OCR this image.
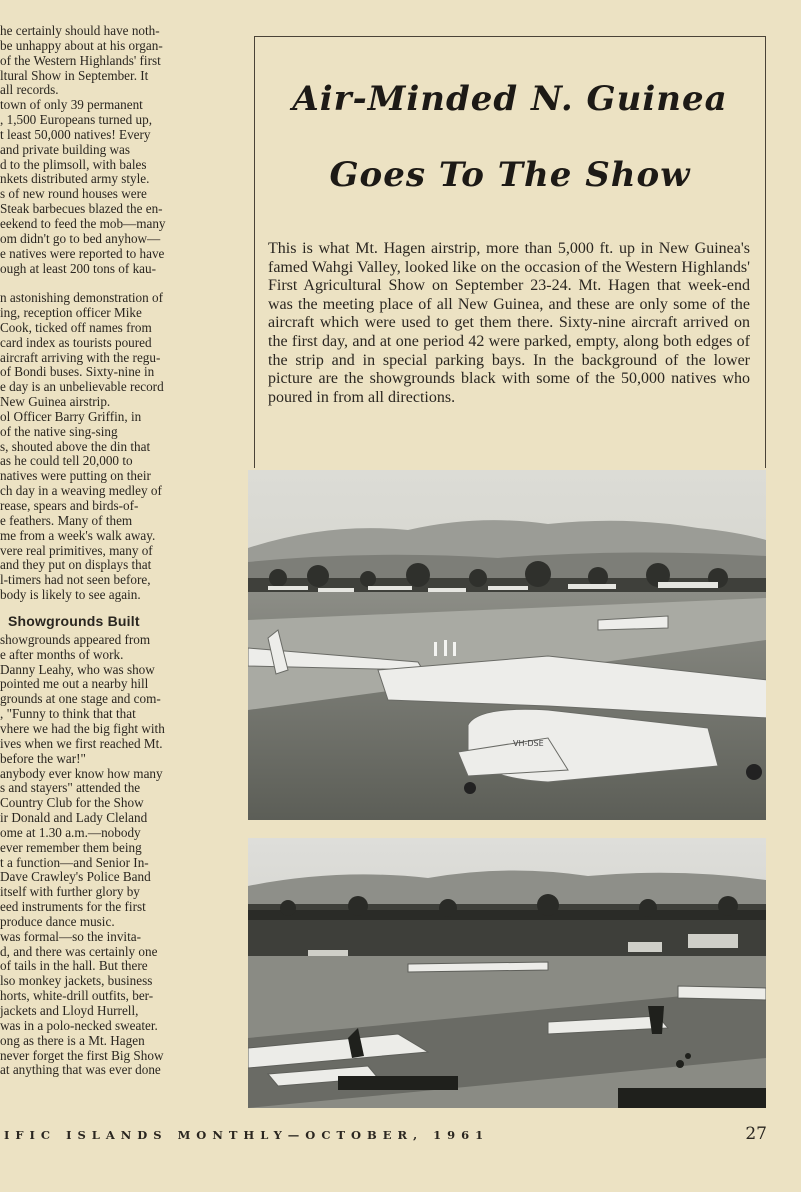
he certainly should have noth-

be unhappy about at his organ-

of the Western Highlands' first

ltural Show in September. It

all records.

town of only 39 permanent

, 1,500 Europeans turned up,

t least 50,000 natives! Every

and private building was

d to the plimsoll, with bales

nkets distributed army style.

s of new round houses were

Steak barbecues blazed the en-

eekend to feed the mob—many

om didn't go to bed anyhow—

e natives were reported to have

ough at least 200 tons of kau-

n astonishing demonstration of

ing, reception officer Mike

Cook, ticked off names from

card index as tourists poured

aircraft arriving with the regu-

of Bondi buses. Sixty-nine in

e day is an unbelievable record

New Guinea airstrip.

ol Officer Barry Griffin, in

of the native sing-sing

s, shouted above the din that

as he could tell 20,000 to

natives were putting on their

ch day in a weaving medley of

rease, spears and birds-of-

e feathers. Many of them

me from a week's walk away.

vere real primitives, many of

and they put on displays that

l-timers had not seen before,

body is likely to see again.

Showgrounds Built

showgrounds appeared from

e after months of work.

Danny Leahy, who was show

pointed me out a nearby hill

grounds at one stage and com-

, "Funny to think that that

vhere we had the big fight with

ives when we first reached Mt.

before the war!"

anybody ever know how many

s and stayers" attended the

Country Club for the Show

ir Donald and Lady Cleland

ome at 1.30 a.m.—nobody

ever remember them being

t a function—and Senior In-

Dave Crawley's Police Band

itself with further glory by

eed instruments for the first

produce dance music.

was formal—so the invita-

d, and there was certainly one

of tails in the hall. But there

lso monkey jackets, business

horts, white-drill outfits, ber-

jackets and Lloyd Hurrell,

was in a polo-necked sweater.

ong as there is a Mt. Hagen

never forget the first Big Show

at anything that was ever done

Air-Minded N. Guinea
Goes To The Show
This is what Mt. Hagen airstrip, more than 5,000 ft. up in New Guinea's famed Wahgi Valley, looked like on the occasion of the Western Highlands' First Agricultural Show on September 23-24. Mt. Hagen that week-end was the meeting place of all New Guinea, and these are only some of the aircraft which were used to get them there. Sixty-nine aircraft arrived on the first day, and at one period 42 were parked, empty, along both edges of the strip and in special parking bays. In the background of the lower picture are the showgrounds black with some of the 50,000 natives who poured in from all directions.
VH-DSE
IFIC ISLANDS MONTHLY—OCTOBER, 1961	27
